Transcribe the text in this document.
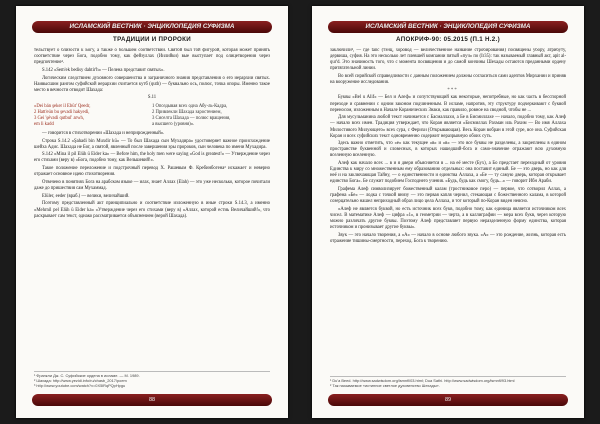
ИСЛАМСКИЙ ВЕСТНИК · ЭНЦИКЛОПЕДИЯ СУФИЗМА
ТРАДИЦИИ И ПРОРОКИ

тельствует о близости к Богу, а также о большем соответствии. Святой был той фигурой, которая может принять соответствие через Бога, подобно тому, как фейзуллах (Иилийки) вые выступает под олицетворения через предпочтение¹.

S.142 «Sem'ek bedisy dahtir'h» — Пелена представит святых».

Логическим следствием духовного совершенства и заграничного знания представления о его иерархии святых. Наивысшим рангом суфийской иерархии считается кутб (qutb) — буквально ось, полюс, точка опоры. Именно такое место в вечности отводит Шахада:

S.11

«Dei bán şeker il Ebüt' Qeedr,
2 Hatt'eún bu şevadi hakyedi,
3 Gei 'şévadi qutbul' arwh,
em li kadd
1 Опоздывая всех одна Абу-ль-Кадра,
2 Привлекли Шахада заростением,
3 Сиселта Шахада — полюс вращения,
а высшего (уровня)».

— говорится в стихотворении «Шахада и неприрожденный».

Строка S.14.2 «Şahadi bin Muxdir kü» — То был Шахада сын Мухадира» удостоверяет важное происхождение шейха Адис. Шахада не Бог, а святой, явленный после завершения эры пророков, сын человека по имени Мухадира.

S.142 «Mina il pil Elüh ü Eider ka» — Before him, the holy men were saying «God is greatest!» — Утверждение через его стихами (веру в) «Бога, подобно тому, как Вельшевий!».

Такое положение переложение и подстрочный перевод Х. Рашевым Ф. Кребинбогена³ искажает и неверно отражает основное идею стихотворения.

Отвечено в понятиях Бога на арабском языке — илах, знает Аллах (Elah) — это уже несколько, которое почитали даже до пришествия сам Мухаммад.

Elüler, eeder (враб.) — велики, величайший.

Поэтому представленный акт принципиально и соответствие изложенную в иные строки S.14.3, а именно «Mehrnil pel Elüh ü Eider ka» «Утверждение через его стихами (веру в) «Аллах, которой естиь Величайший!», что раскрывает сам текст, однако рассматривается объяснением (верой Шахада).

¹ Франкли Дж. С. Суфийские ордена в исламе. — М. 1989.
² Шахада: http://www.yezidi.info/ru/chasb_2017/poem
³ http://www.youtube.com/watch?v=0X5lRqPQpHpgu
88
ИСЛАМСКИЙ ВЕСТНИК · ЭНЦИКЛОПЕДИЯ СУФИЗМА
АПОКРИФ-90: 05.2015 (П.1 Н.2.)

заключили², — где tanc (тэнц, хоровод — величественное название стробирования) посвящены убору, атрибуту, дервиша, суфия. На это несколько лет плевшей компании пятый «пуч» по (Ir35): так называемый главный акт, apit al-qur'd. Это значимость того, что с момента посвящения и до самой кончины Шехады остаются преданными ордену притягательной линии.

Во всей сирийской справедливости с данным положением должны согласиться сами адептов Мирхании и приняв на вооружение исследования.

* * *

Буквы «Bel u Alif» — Бел и Алеф» и сопутствующий как некоторые, непотребные, но как часть в бесспорной переходе и сравнении с одним законом подчиненным. В исламе, напротив, эту структуру подчеркивают с буквой переносом, изложенным в Начале Коранических Знаки, как правило, ровное на сводной, чтобы не ...

Для мусульманина любой текст начинается с Басмаллахи, а Бе в Бисмиллахе — начало, подобно тому, как Алеф — начало всех имен. Традиция утверждает, что Коран является «Бисмиллах Рахман иль Рахим — Во имя Аллаха Милостивого Милующего» всех сура, с Ферихи (Открывающая). Весь Коран вобран в этой суре, все она. Суфийская Коран и всех суфийских текст одновременно содержит неразрывную обоих суть.

Здесь важно отметить, что «е» как текущее «в» и «в» — это все буквы не разделены, а закреплены в едином пространстве буквенной и словесных, в которых нашедший-бога и само-значение отражают всю духовную вселенную вселенную.

Алеф как начало всех ... в и я двери объясняется в ... на её месте (Бух), а Бо предстает переходный от уровня Единства к миру со множественным ему образованию отдельных: она поставит единый. Бе — это дверь, но как для неё и на заключающая Тайну, — о единственности и единства Аллаха, а «Бе — ту самую дверь, которая открывает единство Бога». Бе служит подобием Господнего учения. «Будь, будь как смогу, будь...» — говорит Ибн Араби.

Графема Алеф символизирует божественный калам (тростниковое перо) — первое, что сотворил Аллах, а графема «Бе» — лодка с точкой внизу — это первая капля чернил, стекающая с божественного калама, в которой созерцательно нашел неприходный образ лицо цела Аллаха, и тот который по-Коран виден неясно.

«Алеф не является буквой, но есть источник всех букв, подобно тому, как единица является источником всех чисел. В математике Алеф — цифра «1», в геометрии — черта, а в каллиграфии — мера всех букв, через которую можно различать другие буквы. Поэтому Алеф представляет первую неразделенную форму единства, которая источником и пронизывает другие буквы».

Звук — это начало творения, а «А» — начало в основе любого звука. «А» — это рождение, жизнь, которая есть отражение тишины-смертности, переход. Бога к творению.

¹ Du'a Beed. http://www.sadwisdom.org/lsmnfl/03.html; Dua Sathi. http://www.sadwisdom.org/lsmnfl/93.html
² Так называемое «истинное светлое духовенство Шехады».
89
